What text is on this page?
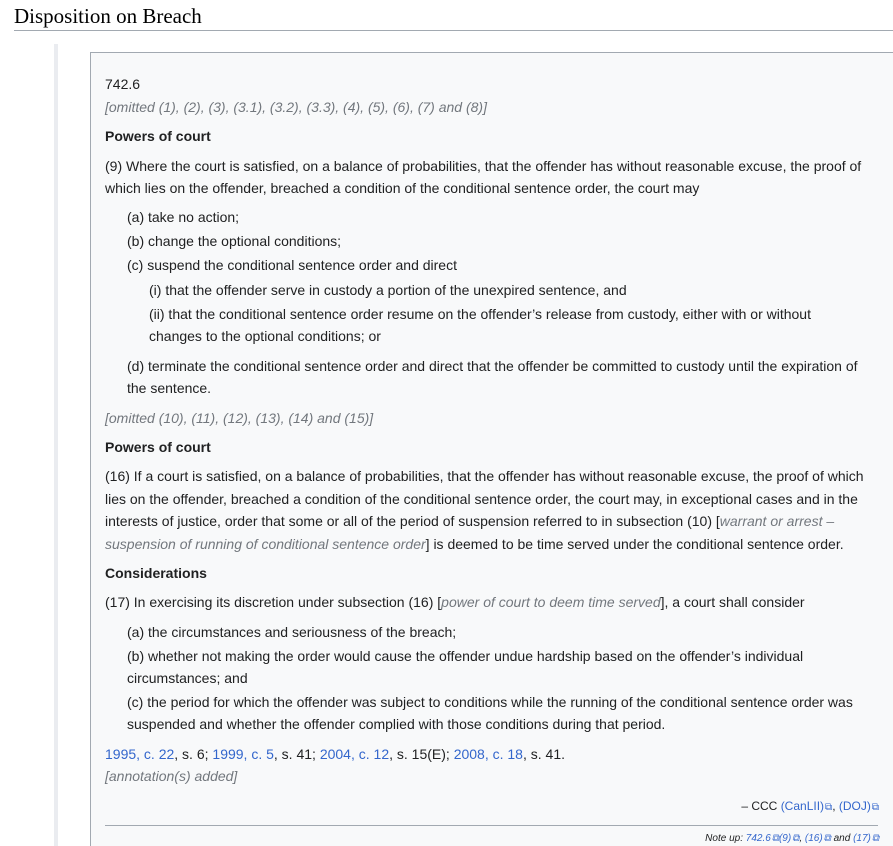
Disposition on Breach
742.6
[omitted (1), (2), (3), (3.1), (3.2), (3.3), (4), (5), (6), (7) and (8)]
Powers of court
(9) Where the court is satisfied, on a balance of probabilities, that the offender has without reasonable excuse, the proof of
which lies on the offender, breached a condition of the conditional sentence order, the court may
(a) take no action;
(b) change the optional conditions;
(c) suspend the conditional sentence order and direct
(i) that the offender serve in custody a portion of the unexpired sentence, and
(ii) that the conditional sentence order resume on the offender’s release from custody, either with or without
changes to the optional conditions; or
(d) terminate the conditional sentence order and direct that the offender be committed to custody until the expiration of
the sentence.
[omitted (10), (11), (12), (13), (14) and (15)]
Powers of court
(16) If a court is satisfied, on a balance of probabilities, that the offender has without reasonable excuse, the proof of which
lies on the offender, breached a condition of the conditional sentence order, the court may, in exceptional cases and in the
interests of justice, order that some or all of the period of suspension referred to in subsection (10) [warrant or arrest –
suspension of running of conditional sentence order] is deemed to be time served under the conditional sentence order.
Considerations
(17) In exercising its discretion under subsection (16) [power of court to deem time served], a court shall consider
(a) the circumstances and seriousness of the breach;
(b) whether not making the order would cause the offender undue hardship based on the offender’s individual
circumstances; and
(c) the period for which the offender was subject to conditions while the running of the conditional sentence order was
suspended and whether the offender complied with those conditions during that period.
1995, c. 22, s. 6; 1999, c. 5, s. 41; 2004, c. 12, s. 15(E); 2008, c. 18, s. 41.
[annotation(s) added]
– CCC (CanLII)⧉, (DOJ)⧉
Note up: 742.6⧉(9)⧉, (16)⧉ and (17)⧉
